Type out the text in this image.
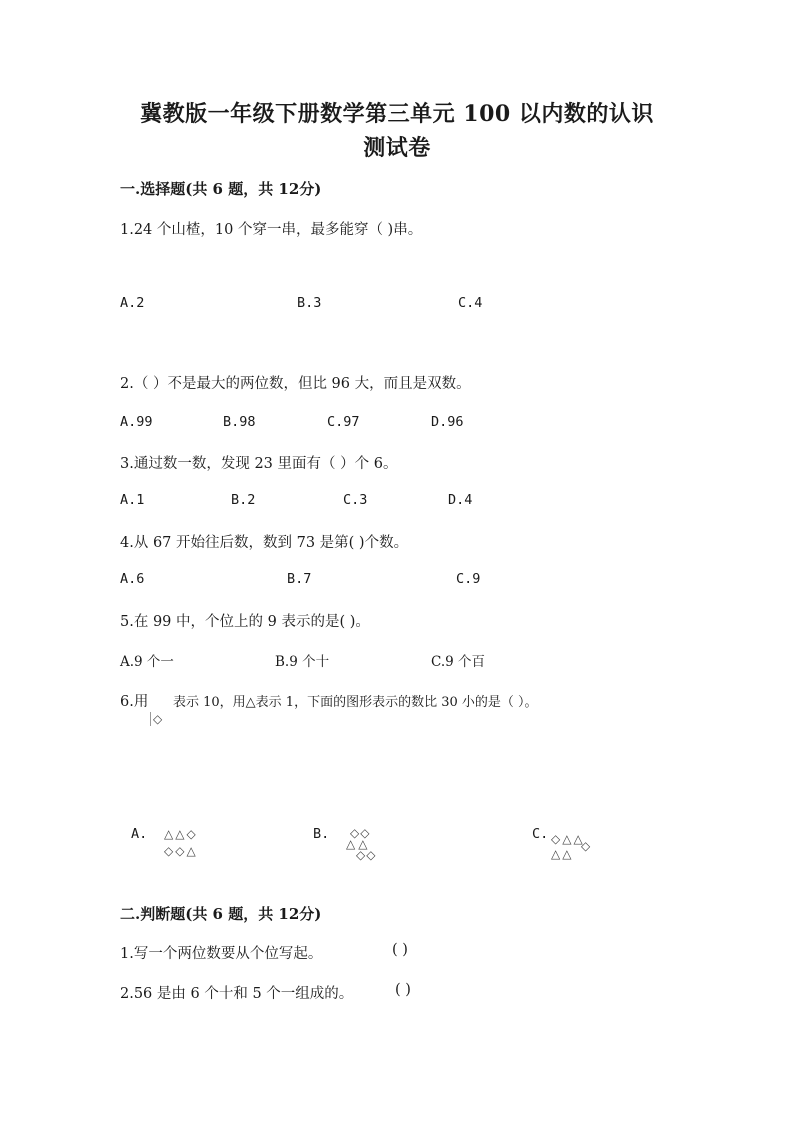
冀教版一年级下册数学第三单元 100 以内数的认识
测试卷
一.选择题(共 6 题，共 12分)
1.24 个山楂，10 个穿一串，最多能穿（ )串。
A.2	B.3	C.4
2.（ ）不是最大的两位数，但比 96 大，而且是双数。
A.99	B.98	C.97	D.96
3.通过数一数，发现 23 里面有（ ）个 6。
A.1	B.2	C.3	D.4
4.从 67 开始往后数，数到 73 是第( )个数。
A.6	B.7	C.9
5.在 99 中，个位上的 9 表示的是( )。
A.9 个一	B.9 个十	C.9 个百
6.用 表示 10，用△表示 1，下面的图形表示的数比 30 小的是（ ）。
◇
A. △△◇
◇◇△
B. ◇◇
△△
◇◇
C. ◇△△
△△
◇
二.判断题(共 6 题，共 12分)
1.写一个两位数要从个位写起。	( )
2.56 是由 6 个十和 5 个一组成的。	( )
